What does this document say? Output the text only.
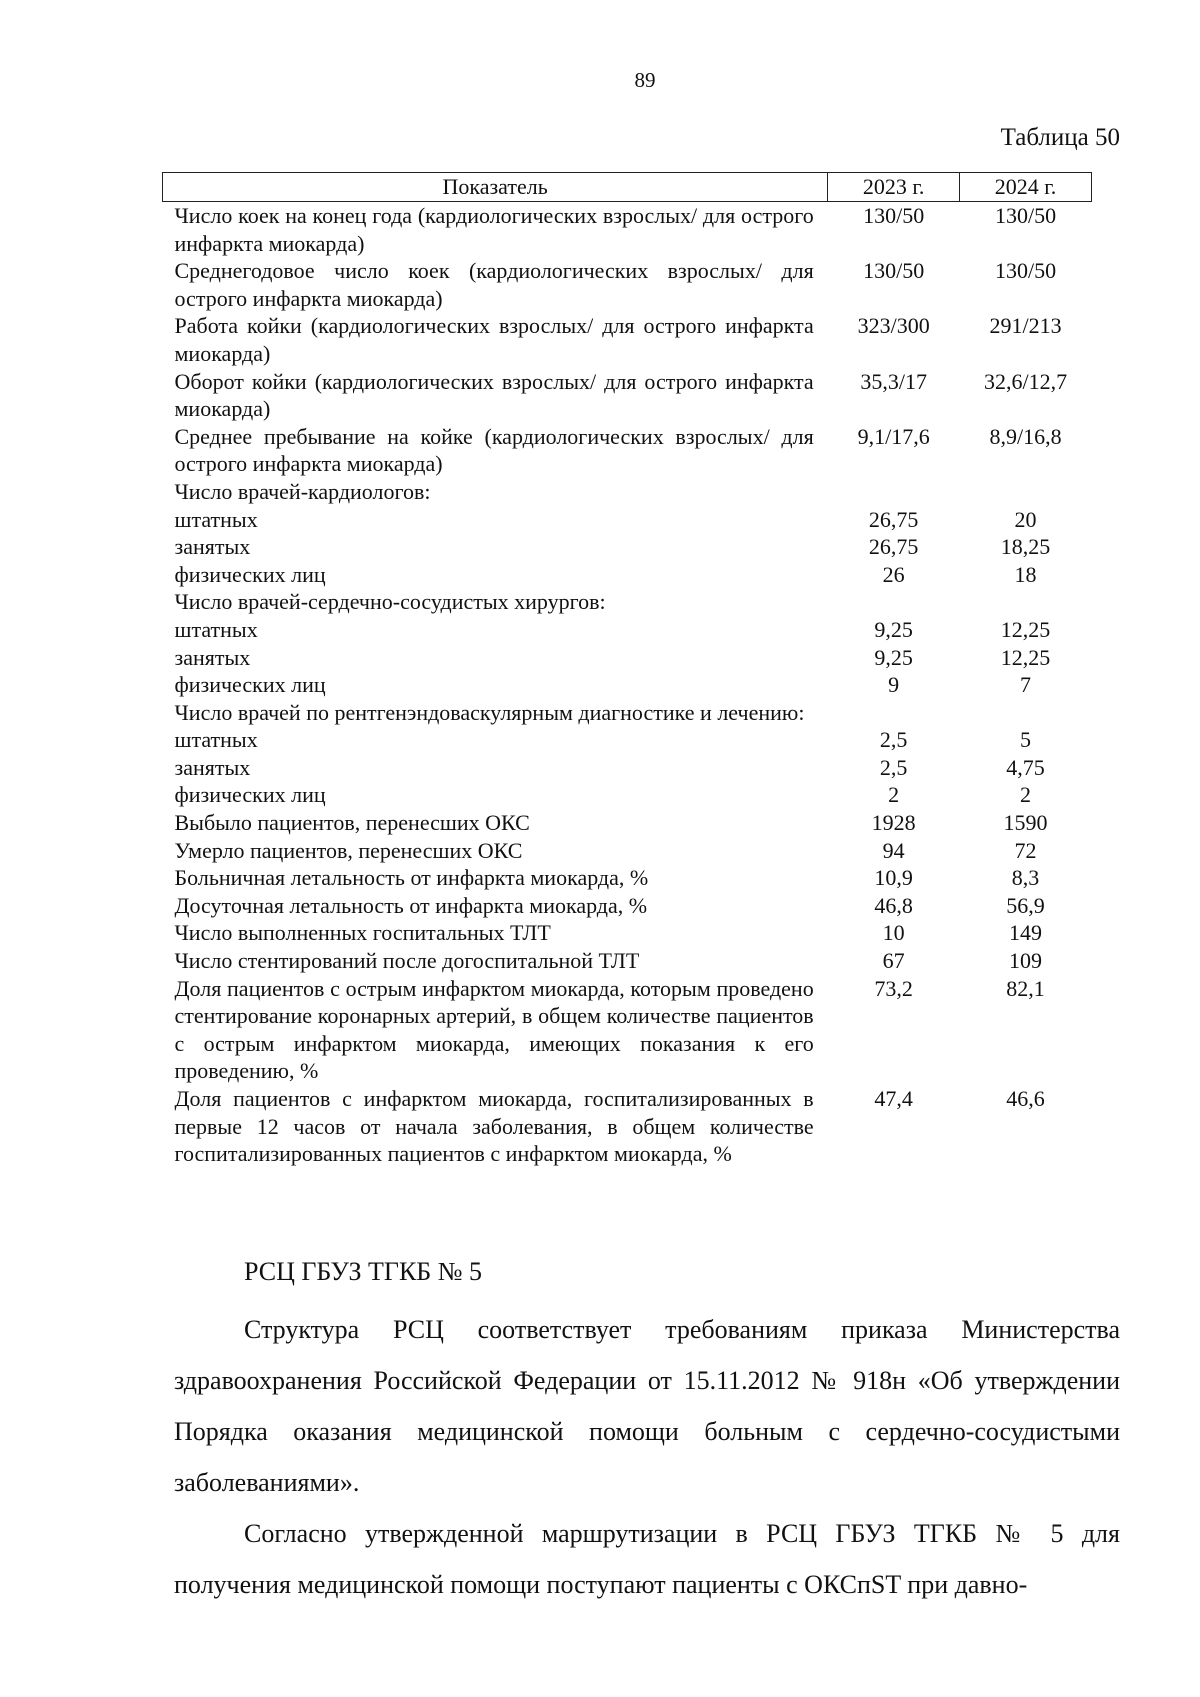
89
Таблица 50
Показатель	2023 г.	2024 г.
Число коек на конец года (кардиологических взрослых/ для острого инфаркта миокарда)	130/50	130/50
Среднегодовое число коек (кардиологических взрослых/ для острого инфаркта миокарда)	130/50	130/50
Работа койки (кардиологических взрослых/ для острого инфаркта миокарда)	323/300	291/213
Оборот койки (кардиологических взрослых/ для острого инфаркта миокарда)	35,3/17	32,6/12,7
Среднее пребывание на койке (кардиологических взрослых/ для острого инфаркта миокарда)	9,1/17,6	8,9/16,8
Число врачей-кардиологов:		
штатных	26,75	20
занятых	26,75	18,25
физических лиц	26	18
Число врачей-сердечно-сосудистых хирургов:		
штатных	9,25	12,25
занятых	9,25	12,25
физических лиц	9	7
Число врачей по рентгенэндоваскулярным диагностике и лечению:		
штатных	2,5	5
занятых	2,5	4,75
физических лиц	2	2
Выбыло пациентов, перенесших ОКС	1928	1590
Умерло пациентов, перенесших ОКС	94	72
Больничная летальность от инфаркта миокарда, %	10,9	8,3
Досуточная летальность от инфаркта миокарда, %	46,8	56,9
Число выполненных госпитальных ТЛТ	10	149
Число стентирований после догоспитальной ТЛТ	67	109
Доля пациентов с острым инфарктом миокарда, которым проведено стентирование коронарных артерий, в общем количестве пациентов с острым инфарктом миокарда, имеющих показания к его проведению, %	73,2	82,1
Доля пациентов с инфарктом миокарда, госпитализированных в первые 12 часов от начала заболевания, в общем количестве госпитализированных пациентов с инфарктом миокарда, %	47,4	46,6
РСЦ ГБУЗ ТГКБ № 5

Структура РСЦ соответствует требованиям приказа Министерства здравоохранения Российской Федерации от 15.11.2012 № 918н «Об утверждении Порядка оказания медицинской помощи больным с сердечно-сосудистыми заболеваниями».

Согласно утвержденной маршрутизации в РСЦ ГБУЗ ТГКБ № 5 для получения медицинской помощи поступают пациенты с ОКСпST при давно-
